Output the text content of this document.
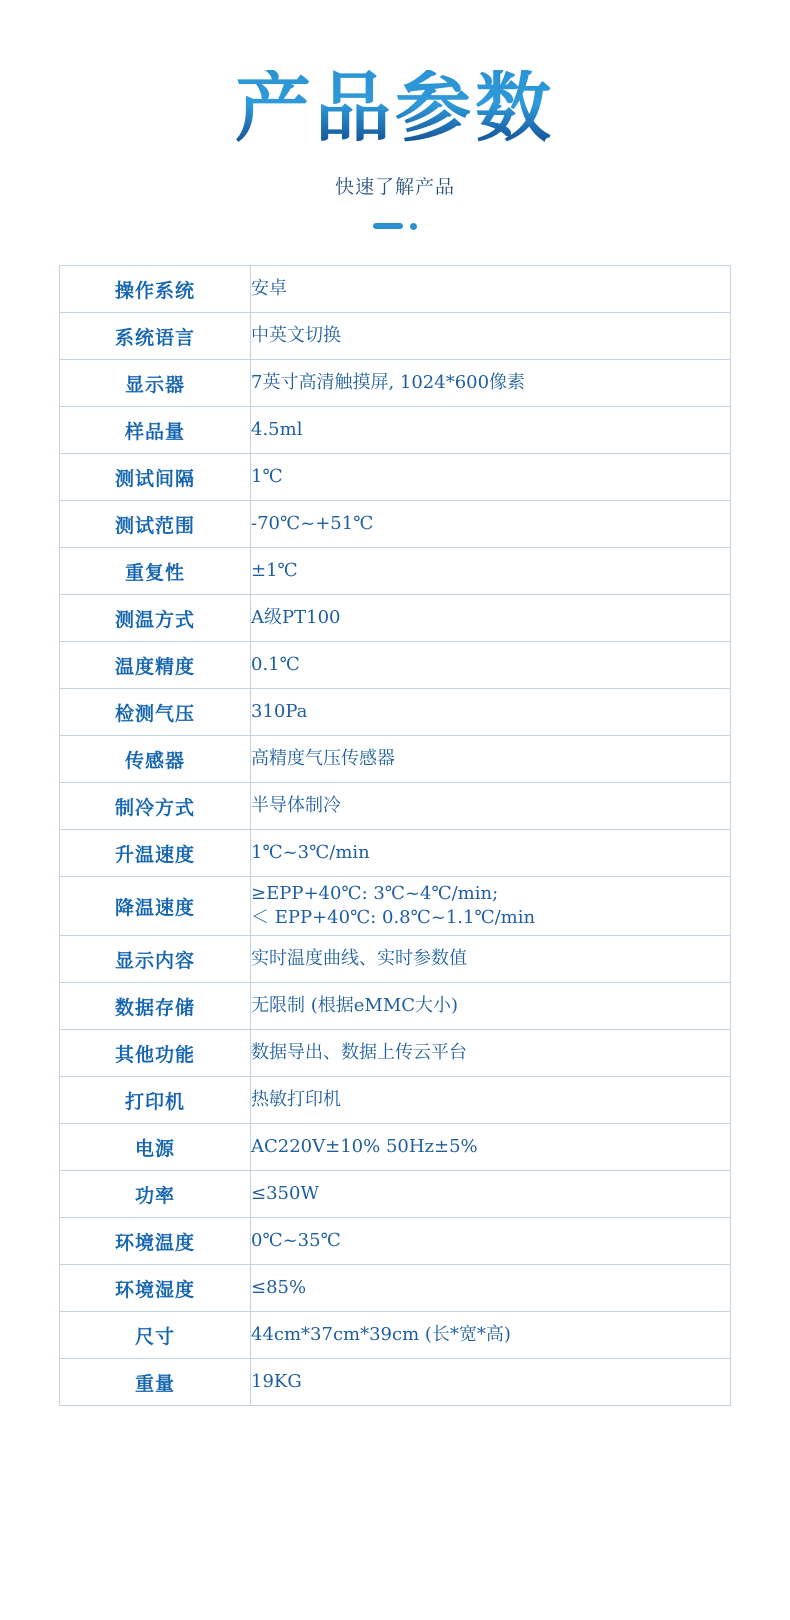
产品参数
快速了解产品
操作系统	安卓
系统语言	中英文切换
显示器	7英寸高清触摸屏, 1024*600像素
样品量	4.5ml
测试间隔	1℃
测试范围	-70℃~+51℃
重复性	±1℃
测温方式	A级PT100
温度精度	0.1℃
检测气压	310Pa
传感器	高精度气压传感器
制冷方式	半导体制冷
升温速度	1℃~3℃/min
降温速度	≥EPP+40℃: 3℃~4℃/min;
＜ EPP+40℃: 0.8℃~1.1℃/min

显示内容	实时温度曲线、实时参数值
数据存储	无限制 (根据eMMC大小)
其他功能	数据导出、数据上传云平台
打印机	热敏打印机
电源	AC220V±10% 50Hz±5%
功率	≤350W
环境温度	0℃~35℃
环境湿度	≤85%
尺寸	44cm*37cm*39cm (长*宽*高)
重量	19KG
